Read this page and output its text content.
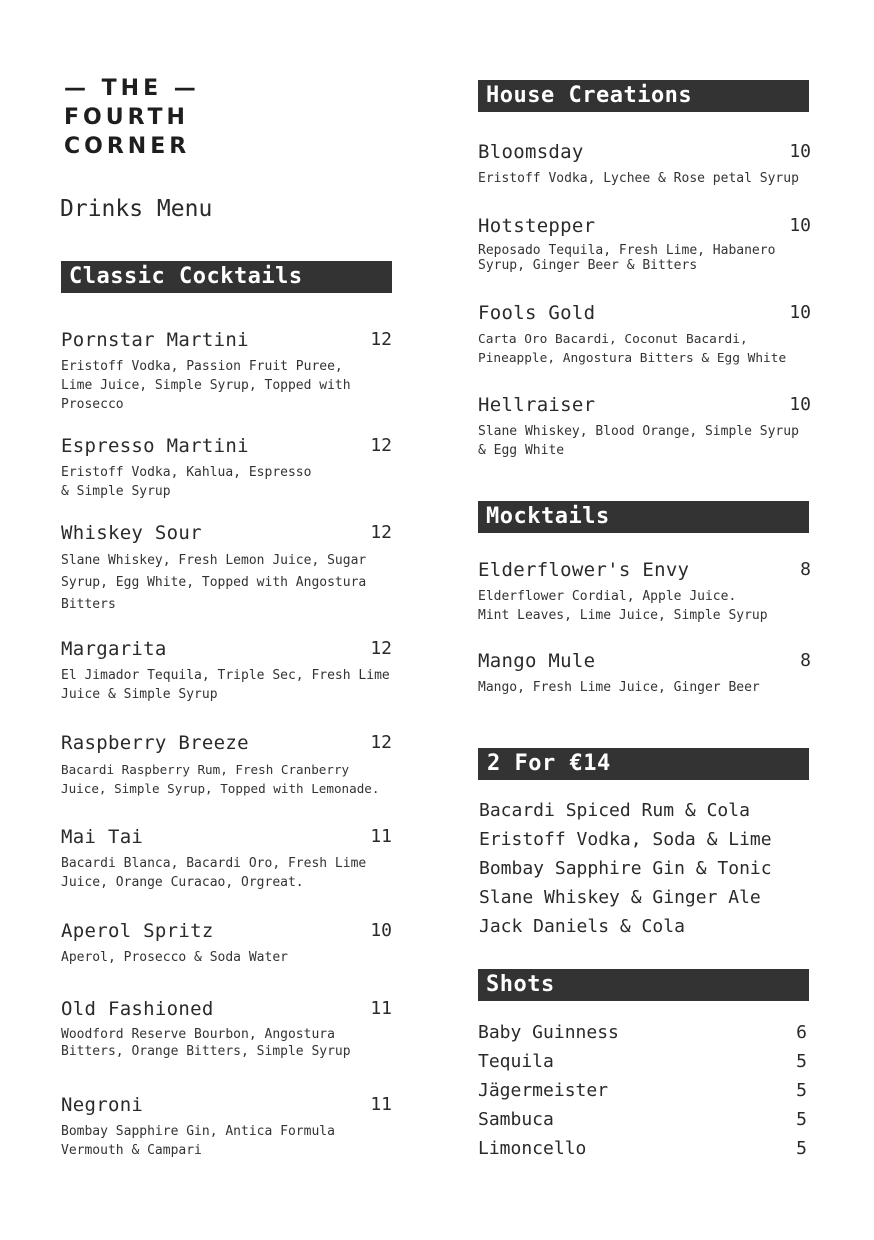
— THE —
FOURTH
CORNER
Drinks Menu
Classic Cocktails
Pornstar Martini	12
Eristoff Vodka, Passion Fruit Puree,
Lime Juice, Simple Syrup, Topped with
Prosecco
Espresso Martini	12
Eristoff Vodka, Kahlua, Espresso
& Simple Syrup
Whiskey Sour	12
Slane Whiskey, Fresh Lemon Juice, Sugar
Syrup, Egg White, Topped with Angostura
Bitters
Margarita	12
El Jimador Tequila, Triple Sec, Fresh Lime
Juice & Simple Syrup
Raspberry Breeze	12
Bacardi Raspberry Rum, Fresh Cranberry
Juice, Simple Syrup, Topped with Lemonade.
Mai Tai	11
Bacardi Blanca, Bacardi Oro, Fresh Lime
Juice, Orange Curacao, Orgreat.
Aperol Spritz	10
Aperol, Prosecco & Soda Water
Old Fashioned	11
Woodford Reserve Bourbon, Angostura
Bitters, Orange Bitters, Simple Syrup
Negroni	11
Bombay Sapphire Gin, Antica Formula
Vermouth & Campari
House Creations
Bloomsday	10
Eristoff Vodka, Lychee & Rose petal Syrup
Hotstepper	10
Reposado Tequila, Fresh Lime, Habanero
Syrup, Ginger Beer & Bitters
Fools Gold	10
Carta Oro Bacardi, Coconut Bacardi,
Pineapple, Angostura Bitters & Egg White
Hellraiser	10
Slane Whiskey, Blood Orange, Simple Syrup
& Egg White
Mocktails
Elderflower's Envy	8
Elderflower Cordial, Apple Juice.
Mint Leaves, Lime Juice, Simple Syrup
Mango Mule	8
Mango, Fresh Lime Juice, Ginger Beer
2 For €14
Bacardi Spiced Rum & Cola
Eristoff Vodka, Soda & Lime
Bombay Sapphire Gin & Tonic
Slane Whiskey & Ginger Ale
Jack Daniels & Cola
Shots
Baby Guinness	6
Tequila	5
Jägermeister	5
Sambuca	5
Limoncello	5
